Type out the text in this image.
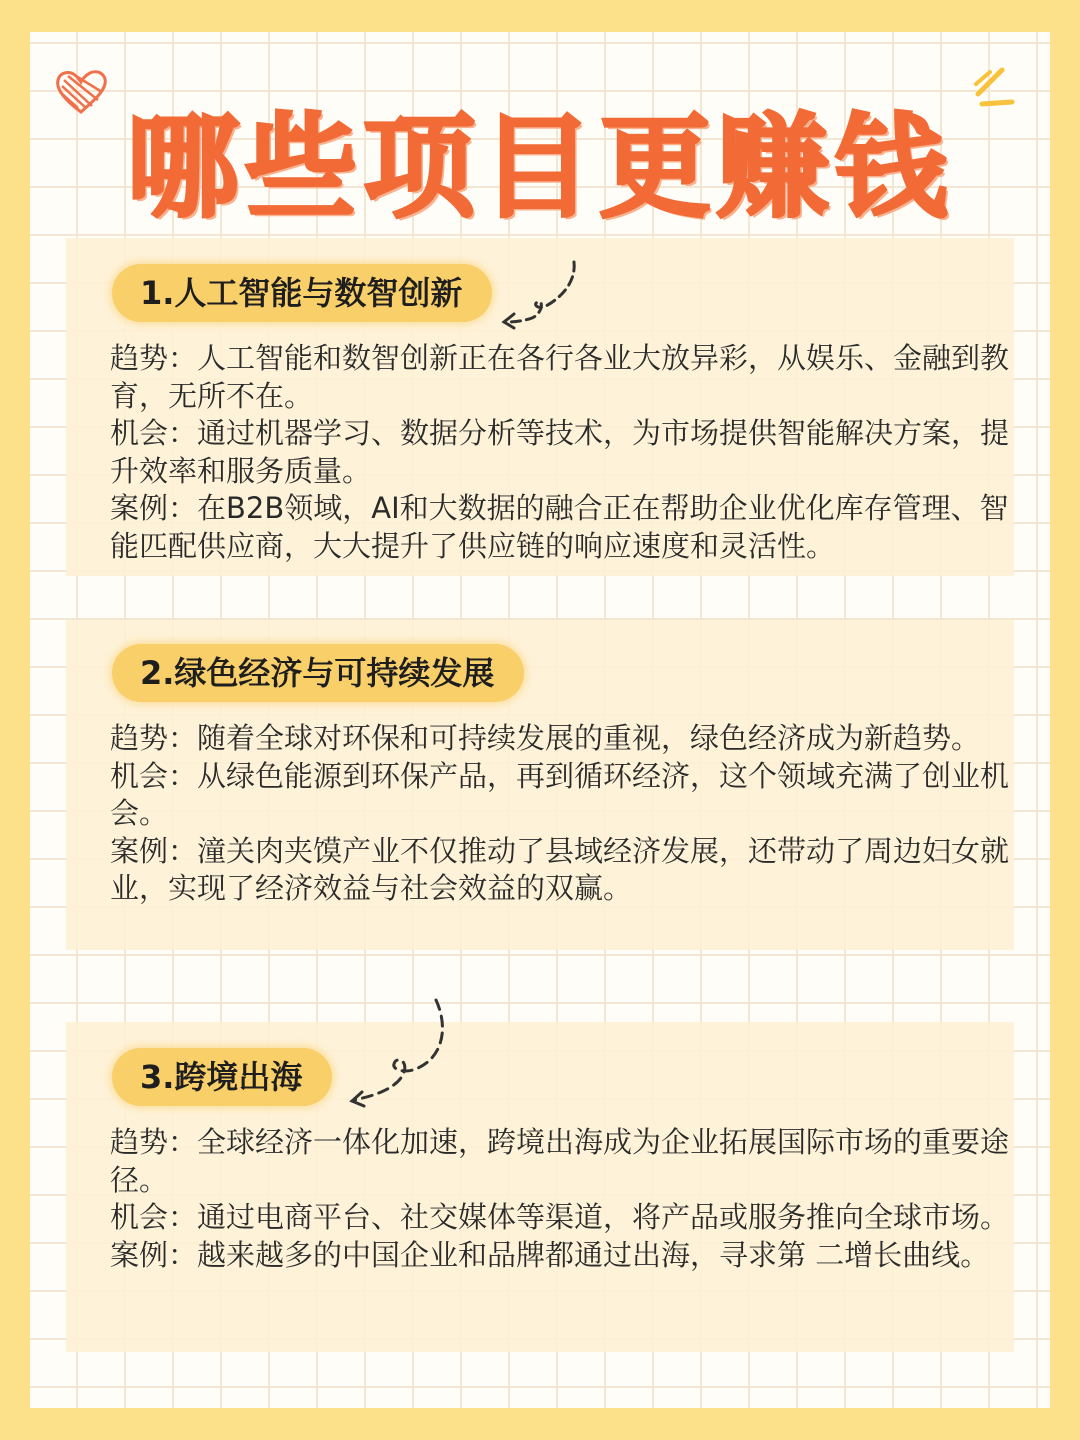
哪些项目更赚钱
1.人工智能与数智创新
2.绿色经济与可持续发展
3.跨境出海

趋势：人工智能和数智创新正在各行各业大放异彩，从娱乐、金融到教育，无所不在。

机会：通过机器学习、数据分析等技术，为市场提供智能解决方案，提升效率和服务质量。

案例：在B2B领域，AI和大数据的融合正在帮助企业优化库存管理、智能匹配供应商，大大提升了供应链的响应速度和灵活性。

趋势：随着全球对环保和可持续发展的重视，绿色经济成为新趋势。

机会：从绿色能源到环保产品，再到循环经济，这个领域充满了创业机会。

案例：潼关肉夹馍产业不仅推动了县域经济发展，还带动了周边妇女就业，实现了经济效益与社会效益的双赢。

趋势：全球经济一体化加速，跨境出海成为企业拓展国际市场的重要途径。

机会：通过电商平台、社交媒体等渠道，将产品或服务推向全球市场。

案例：越来越多的中国企业和品牌都通过出海，寻求第 二增长曲线。
